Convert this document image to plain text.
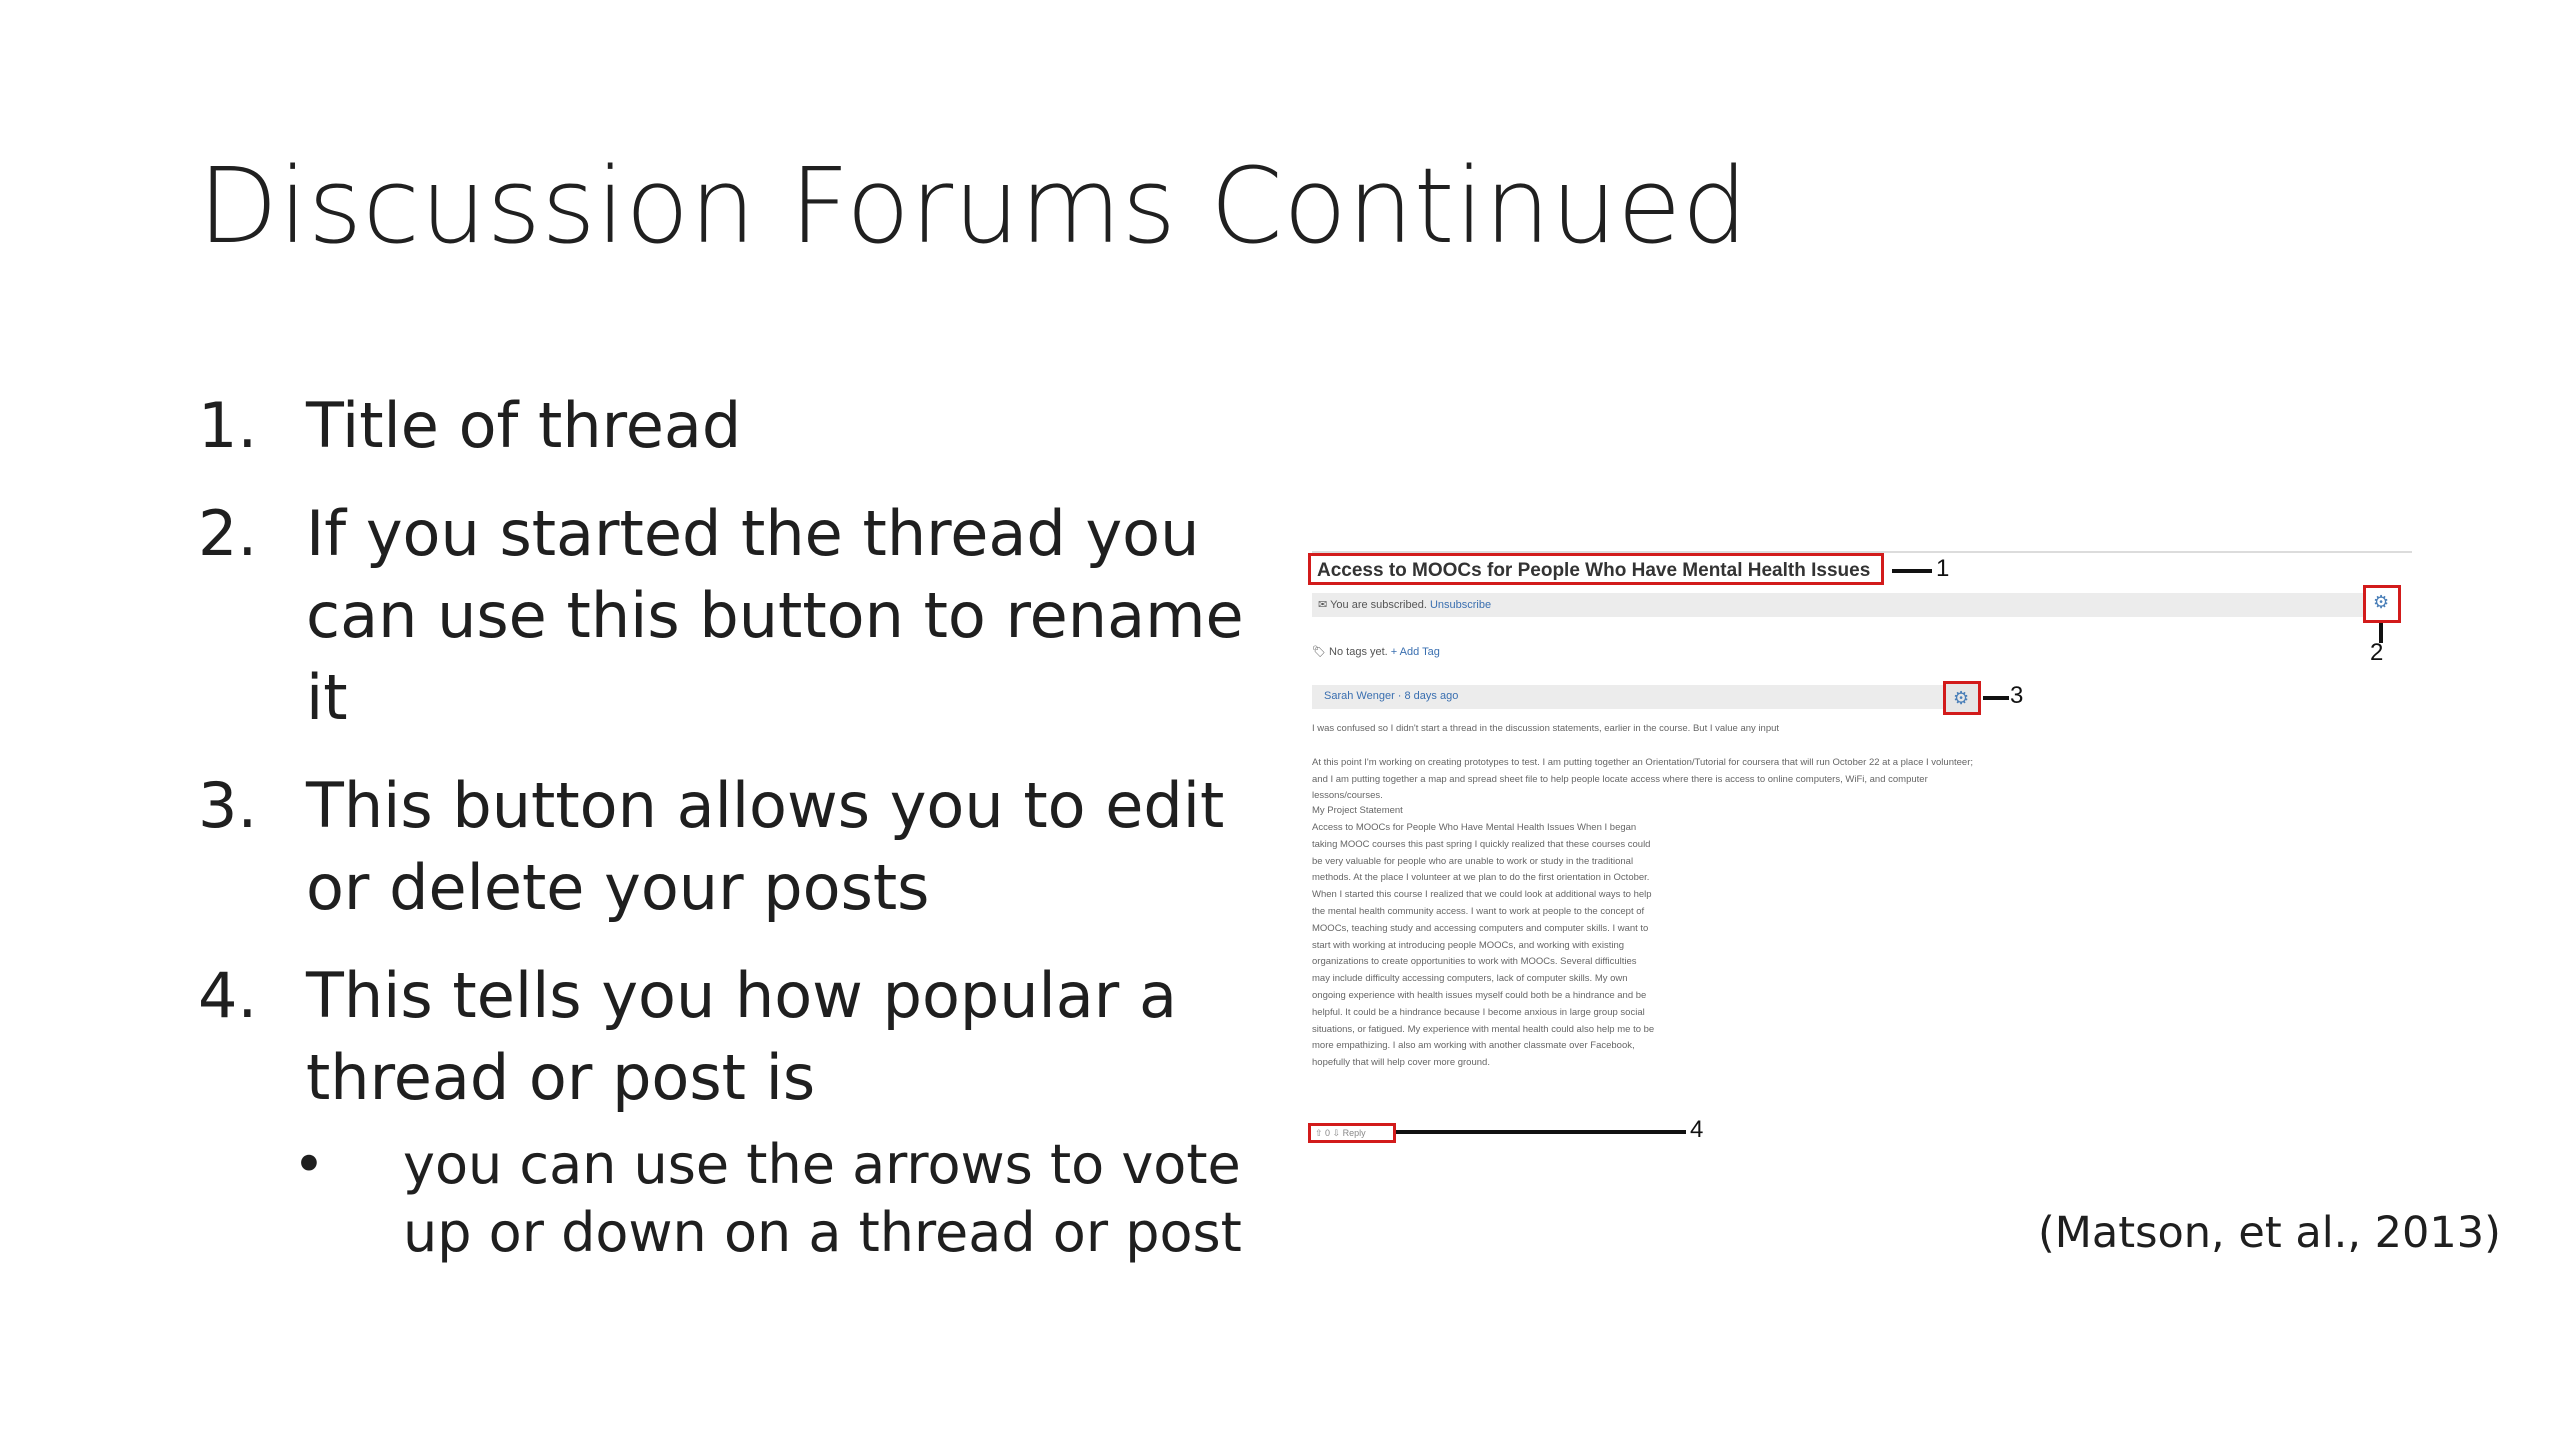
Discussion Forums Continued
1. Title of thread
2. If you started the thread you can use this button to rename it
3. This button allows you to edit or delete your posts
4. This tells you how popular a thread or post is
•	you can use the arrows to vote up or down on a thread or post
Access to MOOCs for People Who Have Mental Health Issues	1
✉ You are subscribed. Unsubscribe	⚙
2
🏷 No tags yet. + Add Tag
Sarah Wenger · 8 days ago	⚙ 3
I was confused so I didn't start a thread in the discussion statements, earlier in the course. But I value any input
At this point I'm working on creating prototypes to test. I am putting together an Orientation/Tutorial for coursera that will run October 22 at a place I volunteer; and I am putting together a map and spread sheet file to help people locate access where there is access to online computers, WiFi, and computer lessons/courses.
My Project Statement
Access to MOOCs for People Who Have Mental Health Issues When I began taking MOOC courses this past spring I quickly realized that these courses could be very valuable for people who are unable to work or study in the traditional methods. At the place I volunteer at we plan to do the first orientation in October. When I started this course I realized that we could look at additional ways to help the mental health community access. I want to work at people to the concept of MOOCs, teaching study and accessing computers and computer skills. I want to start with working at introducing people MOOCs, and working with existing organizations to create opportunities to work with MOOCs. Several difficulties may include difficulty accessing computers, lack of computer skills. My own ongoing experience with health issues myself could both be a hindrance and be helpful. It could be a hindrance because I become anxious in large group social situations, or fatigued. My experience with mental health could also help me to be more empathizing. I also am working with another classmate over Facebook, hopefully that will help cover more ground.
⇧ 0 ⇩ Reply	4
(Matson, et al., 2013)
